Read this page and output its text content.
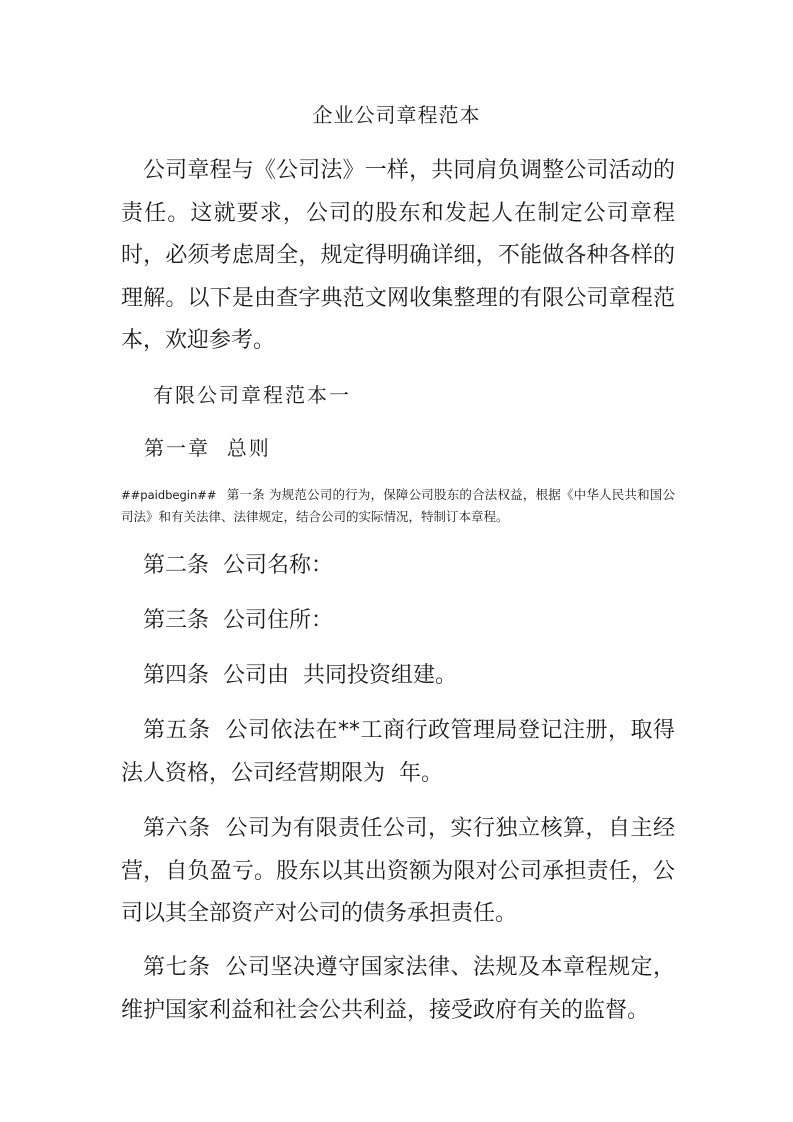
企业公司章程范本

公司章程与《公司法》一样，共同肩负调整公司活动的责任。这就要求，公司的股东和发起人在制定公司章程时，必须考虑周全，规定得明确详细，不能做各种各样的理解。以下是由查字典范文网收集整理的有限公司章程范本，欢迎参考。

有限公司章程范本一
第一章  总则

##paidbegin## 第一条 为规范公司的行为，保障公司股东的合法权益，根据《中华人民共和国公司法》和有关法律、法律规定，结合公司的实际情况，特制订本章程。

第二条  公司名称：

第三条  公司住所：

第四条  公司由  共同投资组建。

第五条  公司依法在**工商行政管理局登记注册，取得法人资格，公司经营期限为  年。

第六条  公司为有限责任公司，实行独立核算，自主经营，自负盈亏。股东以其出资额为限对公司承担责任，公司以其全部资产对公司的债务承担责任。

第七条  公司坚决遵守国家法律、法规及本章程规定，维护国家利益和社会公共利益，接受政府有关的监督。
